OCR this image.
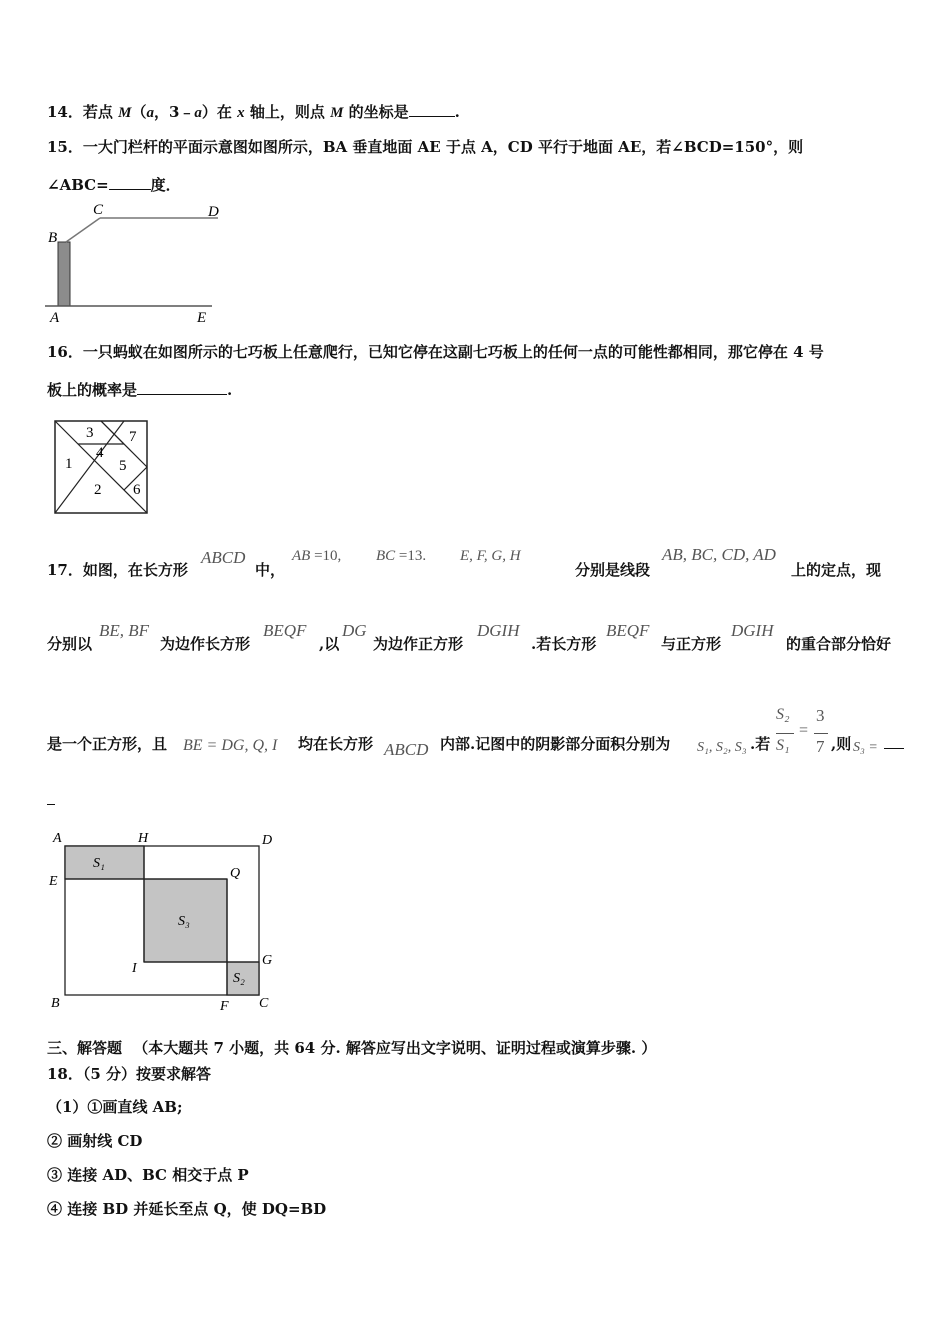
14．若点 M（a，3﹣a）在 x 轴上，则点 M 的坐标是	.
15．一大门栏杆的平面示意图如图所示，BA 垂直地面 AE 于点 A，CD 平行于地面 AE，若∠BCD=150°，则
∠ABC=	度．
B
C	D
A	E
16．一只蚂蚁在如图所示的七巧板上任意爬行，已知它停在这副七巧板上的任何一点的可能性都相同，那它停在 4 号
板上的概率是	.
3 7
4
1	5
2 6
17．如图，在长方形
ABCD
中，
AB =10, BC =13. E, F, G, H
分别是线段
AB, BC, CD, AD
上的定点，现
分别以
BE, BF
为边作长方形
BEQF
,以
DG
为边作正方形
DGIH
.若长方形
BEQF
与正方形
DGIH
的重合部分恰好
是一个正方形，且 BE = DG, Q, I 均在长方形 ABCD 内部.记图中的阴影部分面积分别为 S₁, S₂, S₃ .若
S₂
S₁
=
3
7 ,则 S₃ =
A	H	D
E
Q
I
G
B	F C
S₁
S₃
S₂
三、解答题 （本大题共 7 小题，共 64 分. 解答应写出文字说明、证明过程或演算步骤. ）
18．（5 分）按要求解答
（1）①画直线 AB;
② 画射线 CD
③ 连接 AD、BC 相交于点 P
④ 连接 BD 并延长至点 Q，使 DQ=BD
